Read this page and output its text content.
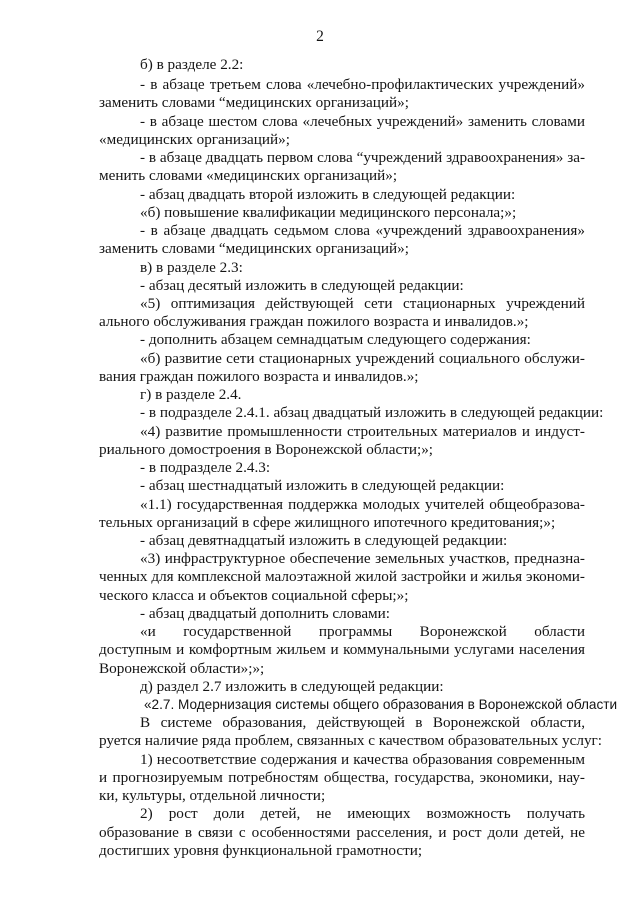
2
б) в разделе 2.2:
- в абзаце третьем слова «лечебно-профилактических учреждений»
заменить словами “медицинских организаций»;
- в абзаце шестом слова «лечебных учреждений» заменить словами
«медицинских организаций»;
- в абзаце двадцать первом слова “учреждений здравоохранения» за-
менить словами «медицинских организаций»;
- абзац двадцать второй изложить в следующей редакции:
«б) повышение квалификации медицинского персонала;»;
- в абзаце двадцать седьмом слова «учреждений здравоохранения»
заменить словами “медицинских организаций»;
в) в разделе 2.3:
- абзац десятый изложить в следующей редакции:
«5) оптимизация действующей сети стационарных учреждений
ального обслуживания граждан пожилого возраста и инвалидов.»;
- дополнить абзацем семнадцатым следующего содержания:
«б) развитие сети стационарных учреждений социального обслужи-
вания граждан пожилого возраста и инвалидов.»;
г) в разделе 2.4.
- в подразделе 2.4.1. абзац двадцатый изложить в следующей редакции:
«4) развитие промышленности строительных материалов и индуст-
риального домостроения в Воронежской области;»;
- в подразделе 2.4.3:
- абзац шестнадцатый изложить в следующей редакции:
«1.1) государственная поддержка молодых учителей общеобразова-
тельных организаций в сфере жилищного ипотечного кредитования;»;
- абзац девятнадцатый изложить в следующей редакции:
«3) инфраструктурное обеспечение земельных участков, предназна-
ченных для комплексной малоэтажной жилой застройки и жилья экономи-
ческого класса и объектов социальной сферы;»;
- абзац двадцатый дополнить словами:
«и государственной программы Воронежской области
доступным и комфортным жильем и коммунальными услугами населения
Воронежской области»;»;
д) раздел 2.7 изложить в следующей редакции:
«2.7. Модернизация системы общего образования в Воронежской области
В системе образования, действующей в Воронежской области,
руется наличие ряда проблем, связанных с качеством образовательных услуг:
1) несоответствие содержания и качества образования современным
и прогнозируемым потребностям общества, государства, экономики, нау-
ки, культуры, отдельной личности;
2) рост доли детей, не имеющих возможность получать
образование в связи с особенностями расселения, и рост доли детей, не
достигших уровня функциональной грамотности;
